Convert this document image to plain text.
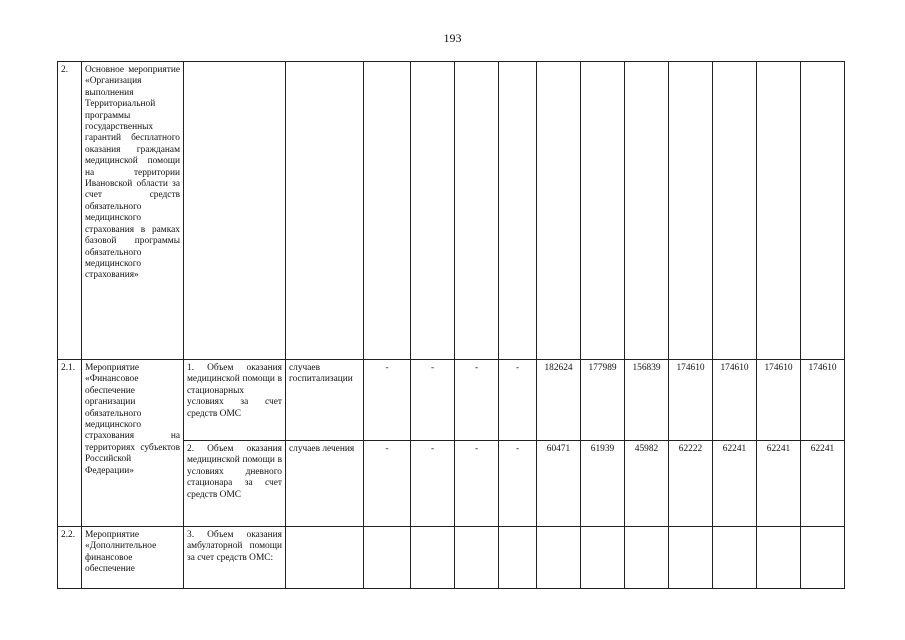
193
2.	Основное мероприятие «Организация выполнения Территориальной программы государственных гарантий бесплатного оказания гражданам медицинской помощи на территории Ивановской области за счет средств обязательного медицинского страхования в рамках базовой программы обязательного медицинского страхования»													
2.1.	Мероприятие «Финансовое обеспечение организации обязательного медицинского страхования на территориях субъектов Российской Федерации»	1. Объем оказания медицинской помощи в стационарных условиях за счет средств ОМС	случаев госпитализации	-	-	-	-	182624	177989	156839	174610	174610	174610	174610
		2. Объем оказания медицинской помощи в условиях дневного стационара за счет средств ОМС	случаев лечения	-	-	-	-	60471	61939	45982	62222	62241	62241	62241
2.2.	Мероприятие «Дополнительное финансовое обеспечение	3. Объем оказания амбулаторной помощи за счет средств ОМС:												
